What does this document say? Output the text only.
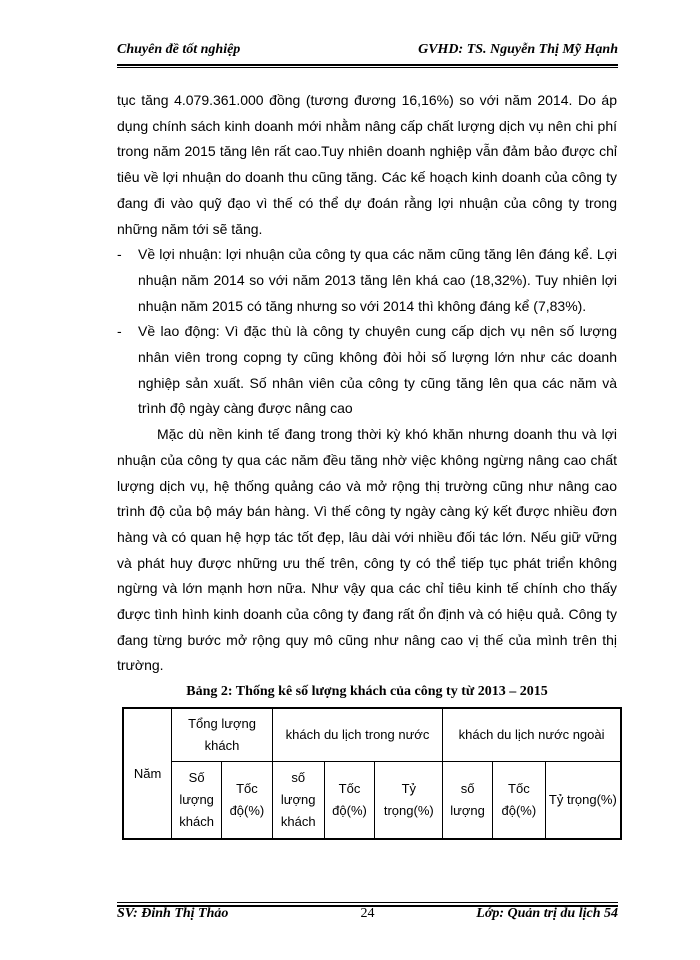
Chuyên đề tốt nghiệp	GVHD: TS. Nguyễn Thị Mỹ Hạnh

tục tăng 4.079.361.000 đồng (tương đương 16,16%) so với năm 2014. Do áp dụng chính sách kinh doanh mới nhằm nâng cấp chất lượng dịch vụ nên chi phí trong năm 2015 tăng lên rất cao.Tuy nhiên doanh nghiệp vẫn đảm bảo được chỉ tiêu về lợi nhuận do doanh thu cũng tăng. Các kế hoạch kinh doanh của công ty đang đi vào quỹ đạo vì thế có thể dự đoán rằng lợi nhuận của công ty trong những năm tới sẽ tăng.

-	Về lợi nhuận: lợi nhuận của công ty qua các năm cũng tăng lên đáng kể. Lợi nhuận năm 2014 so với năm 2013 tăng lên khá cao (18,32%). Tuy nhiên lợi nhuận năm 2015 có tăng nhưng so với 2014 thì không đáng kể (7,83%).

-	Về lao động: Vì đặc thù là công ty chuyên cung cấp dịch vụ nên số lượng nhân viên trong copng ty cũng không đòi hỏi số lượng lớn như các doanh nghiệp sản xuất. Số nhân viên của công ty cũng tăng lên qua các năm và trình độ ngày càng được nâng cao

Mặc dù nền kinh tế đang trong thời kỳ khó khăn nhưng doanh thu và lợi nhuận của công ty qua các năm đều tăng nhờ việc không ngừng nâng cao chất lượng dịch vụ, hệ thống quảng cáo và mở rộng thị trường cũng như nâng cao trình độ của bộ máy bán hàng. Vì thế công ty ngày càng ký kết được nhiều đơn hàng và có quan hệ hợp tác tốt đẹp, lâu dài với nhiều đối tác lớn. Nếu giữ vững và phát huy được những ưu thế trên, công ty có thể tiếp tục phát triển không ngừng và lớn mạnh hơn nữa. Như vậy qua các chỉ tiêu kinh tế chính cho thấy được tình hình kinh doanh của công ty đang rất ổn định và có hiệu quả. Công ty đang từng bước mở rộng quy mô cũng như nâng cao vị thế của mình trên thị trường.

Bảng 2: Thống kê số lượng khách của công ty từ 2013 – 2015
Năm	Tổng lượng khách		khách du lịch trong nước			khách du lịch nước ngoài		
	Số lượng khách	Tốc độ(%)	số lượng khách	Tốc độ(%)	Tỷ trọng(%)	số lượng	Tốc độ(%)	Tỷ trọng(%)
SV: Đinh Thị Thảo	24	Lớp: Quản trị du lịch 54
